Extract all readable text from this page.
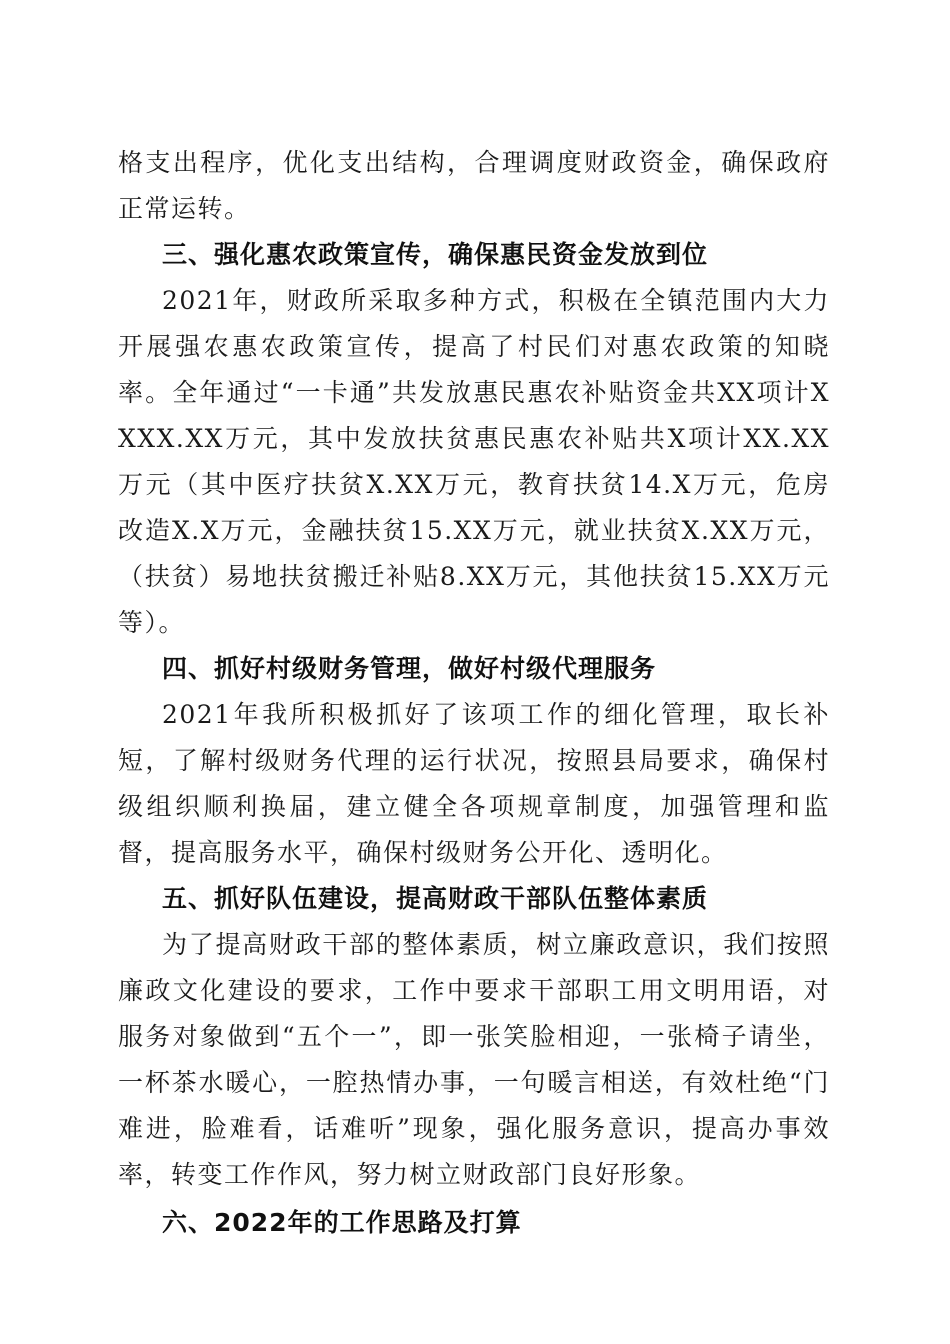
格支出程序，优化支出结构，合理调度财政资金，确保政府正常运转。

三、强化惠农政策宣传，确保惠民资金发放到位

2021年，财政所采取多种方式，积极在全镇范围内大力开展强农惠农政策宣传，提高了村民们对惠农政策的知晓率。全年通过“一卡通”共发放惠民惠农补贴资金共XX项计XXXX.XX万元，其中发放扶贫惠民惠农补贴共X项计XX.XX万元（其中医疗扶贫X.XX万元，教育扶贫14.X万元，危房改造X.X万元，金融扶贫15.XX万元，就业扶贫X.XX万元，（扶贫）易地扶贫搬迁补贴8.XX万元，其他扶贫15.XX万元等）。

四、抓好村级财务管理，做好村级代理服务

2021年我所积极抓好了该项工作的细化管理，取长补短，了解村级财务代理的运行状况，按照县局要求，确保村级组织顺利换届，建立健全各项规章制度，加强管理和监督，提高服务水平，确保村级财务公开化、透明化。

五、抓好队伍建设，提高财政干部队伍整体素质

为了提高财政干部的整体素质，树立廉政意识，我们按照廉政文化建设的要求，工作中要求干部职工用文明用语，对服务对象做到“五个一”，即一张笑脸相迎，一张椅子请坐，一杯茶水暖心，一腔热情办事，一句暖言相送，有效杜绝“门难进，脸难看，话难听”现象，强化服务意识，提高办事效率，转变工作作风，努力树立财政部门良好形象。

六、2022年的工作思路及打算
